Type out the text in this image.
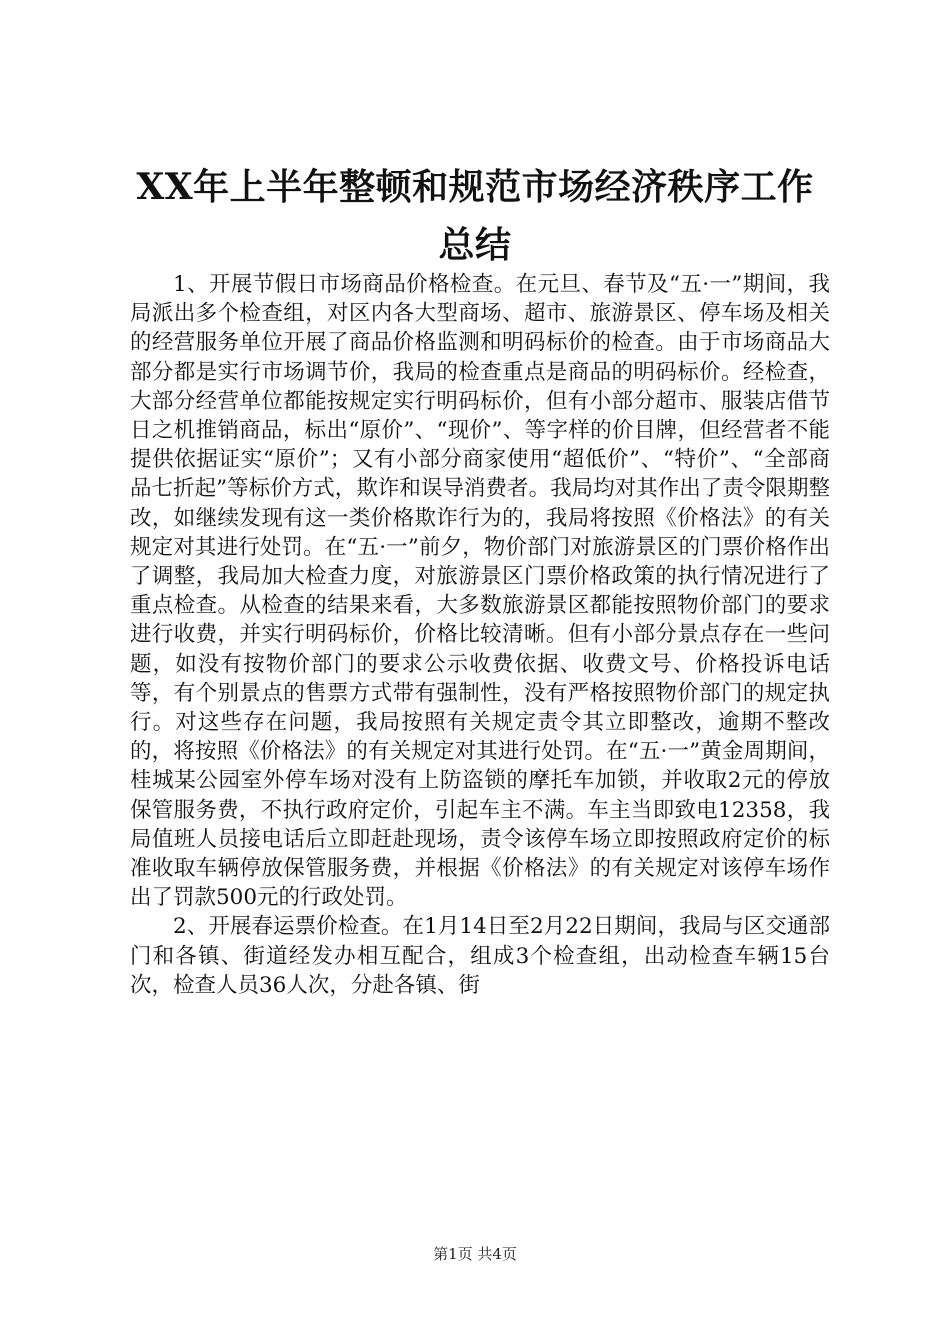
XX年上半年整顿和规范市场经济秩序工作总结

1、开展节假日市场商品价格检查。在元旦、春节及“五·一”期间，我局派出多个检查组，对区内各大型商场、超市、旅游景区、停车场及相关的经营服务单位开展了商品价格监测和明码标价的检查。由于市场商品大部分都是实行市场调节价，我局的检查重点是商品的明码标价。经检查，大部分经营单位都能按规定实行明码标价，但有小部分超市、服装店借节日之机推销商品，标出“原价”、“现价”、等字样的价目牌，但经营者不能提供依据证实“原价”；又有小部分商家使用“超低价”、“特价”、“全部商品七折起”等标价方式，欺诈和误导消费者。我局均对其作出了责令限期整改，如继续发现有这一类价格欺诈行为的，我局将按照《价格法》的有关规定对其进行处罚。在“五·一”前夕，物价部门对旅游景区的门票价格作出了调整，我局加大检查力度，对旅游景区门票价格政策的执行情况进行了重点检查。从检查的结果来看，大多数旅游景区都能按照物价部门的要求进行收费，并实行明码标价，价格比较清晰。但有小部分景点存在一些问题，如没有按物价部门的要求公示收费依据、收费文号、价格投诉电话等，有个别景点的售票方式带有强制性，没有严格按照物价部门的规定执行。对这些存在问题，我局按照有关规定责令其立即整改，逾期不整改的，将按照《价格法》的有关规定对其进行处罚。在“五·一”黄金周期间，桂城某公园室外停车场对没有上防盗锁的摩托车加锁，并收取2元的停放保管服务费，不执行政府定价，引起车主不满。车主当即致电12358，我局值班人员接电话后立即赶赴现场，责令该停车场立即按照政府定价的标准收取车辆停放保管服务费，并根据《价格法》的有关规定对该停车场作出了罚款500元的行政处罚。

2、开展春运票价检查。在1月14日至2月22日期间，我局与区交通部门和各镇、街道经发办相互配合，组成3个检查组，出动检查车辆15台次，检查人员36人次，分赴各镇、街

第1页 共4页
